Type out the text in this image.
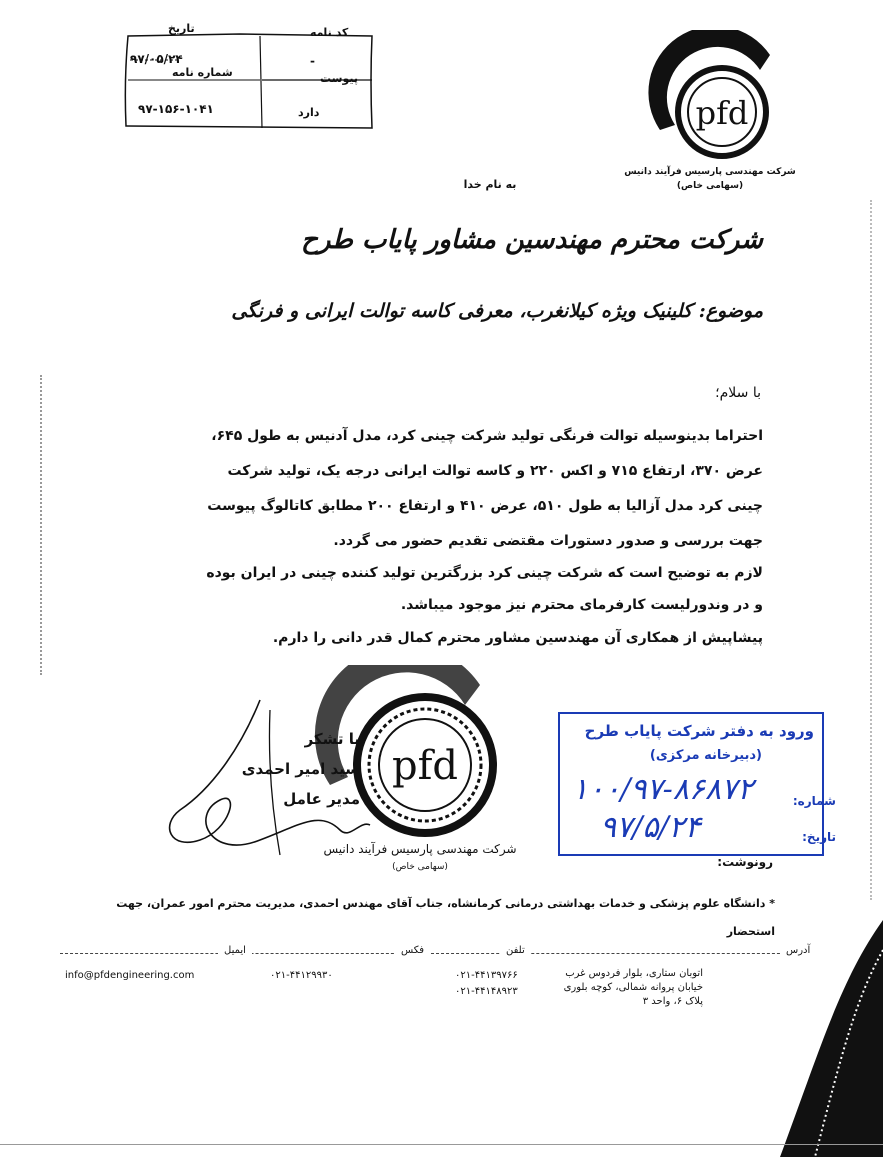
تاریخ
۹۷/۰۵/۲۴
شماره نامه
۹۷-۱۵۶-۱۰۴۱
کد نامه
-
پیوست
دارد	pfd
شرکت مهندسی پارسیس فرآیند دانیس
(سهامی خاص)
به نام خدا
شرکت محترم مهندسین مشاور پایاب طرح
موضوع: کلینیک ویژه کیلانغرب، معرفی کاسه توالت ایرانی و فرنگی
با سلام؛
احتراما بدینوسیله توالت فرنگی تولید شرکت چینی کرد، مدل آدنیس به طول ۶۴۵،
عرض ۳۷۰، ارتفاع ۷۱۵ و اکس ۲۲۰ و کاسه توالت ایرانی درجه یک، تولید شرکت
چینی کرد مدل آزالیا به طول ۵۱۰، عرض ۴۱۰ و ارتفاع ۲۰۰ مطابق کاتالوگ پیوست
جهت بررسی و صدور دستورات مقتضی تقدیم حضور می گردد.
لازم به توضیح است که شرکت چینی کرد بزرگترین تولید کننده چینی در ایران بوده
و در وندورلیست کارفرمای محترم نیز موجود میباشد.
پیشاپیش از همکاری آن مهندسین مشاور محترم کمال قدر دانی را دارم.
pfd
با تشکر
سید امیر احمدی
مدیر عامل
شرکت مهندسی پارسیس فرآیند دانیس
(سهامی خاص)
ورود به دفتر شرکت پایاب طرح
(دبیرخانه مرکزی)
شماره:
۱۰۰/۹۷-۸۶۸۷۲
تاریخ:
۹۷/۵/۲۴
رونوشت:
* دانشگاه علوم پزشکی و خدمات بهداشتی درمانی کرمانشاه، جناب آقای مهندس احمدی، مدیریت محترم امور عمران، جهت استحضار
آدرس
تلفن
فکس
ایمیل
اتوبان ستاری، بلوار فردوس غرب
خیابان پروانه شمالی، کوچه بلوری
پلاک ۶، واحد ۳
۰۲۱-۴۴۱۳۹۷۶۶
۰۲۱-۴۴۱۴۸۹۲۳
۰۲۱-۴۴۱۲۹۹۳۰
info@pfdengineering.com
